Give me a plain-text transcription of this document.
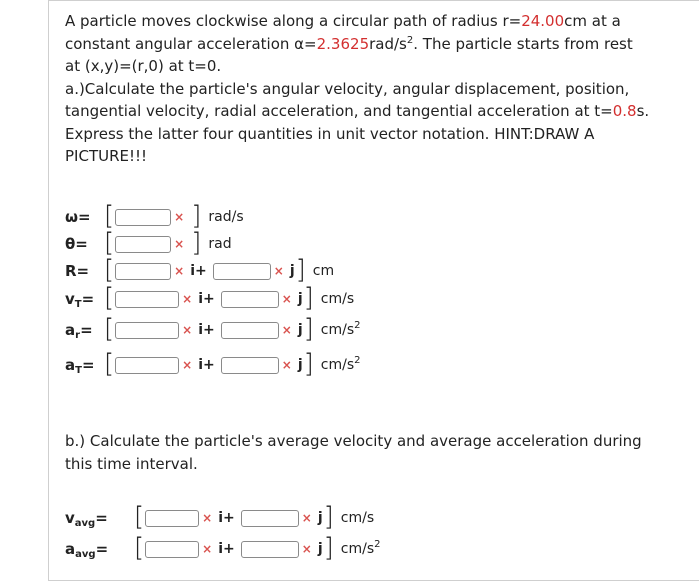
A particle moves clockwise along a circular path of radius r=24.00cm at a
constant angular acceleration $\alpha=2.3625rad/s^2$. The particle starts from rest
at (x,y)=(r,0) at t=0.
a.)Calculate the particle's angular velocity, angular displacement, position,
tangential velocity, radial acceleration, and tangential acceleration at t=0.8s.
Express the latter four quantities in unit vector notation. HINT:DRAW A
PICTURE!!!
ω= [	× ] rad/s
θ= [	× ] rad
R= [	× i+	× j ] cm
$v_T=$ [	× i+	× j ] cm/s
$a_r=$ [	× i+	× j ] $cm/s^2$
$a_T=$ [	× i+	× j ] $cm/s^2$
b.) Calculate the particle's average velocity and average acceleration during
this time interval.
$v_{avg}=$	[	× i+	× j ] cm/s
$a_{avg}=$ [	× i+	× j ] $cm/s^2$
